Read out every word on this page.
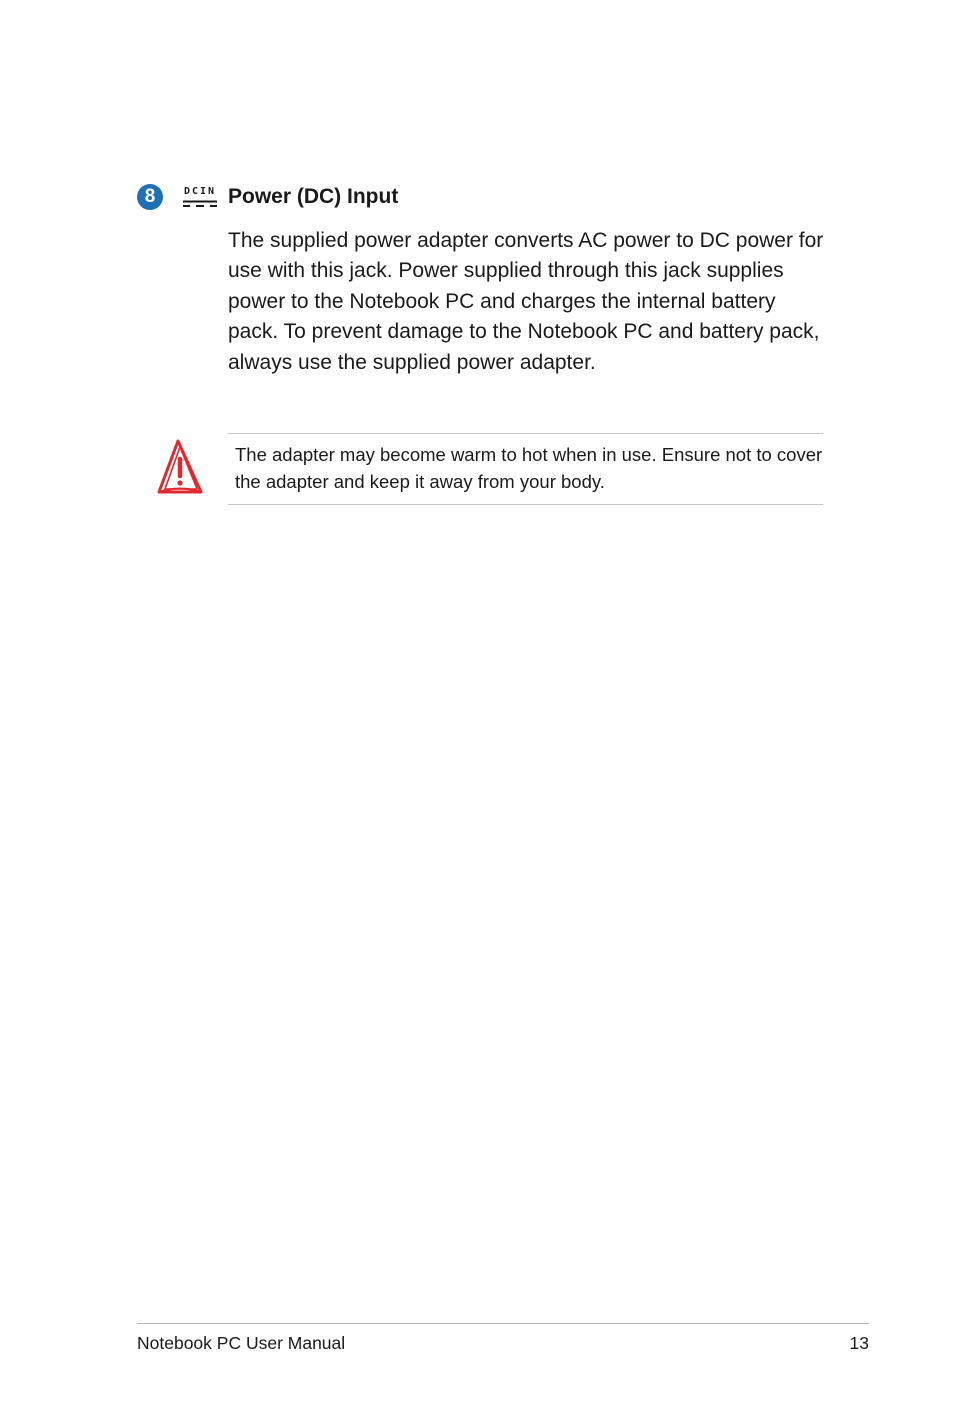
8	DCIN Power (DC) Input

The supplied power adapter converts AC power to DC power for use with this jack. Power supplied through this jack supplies power to the Notebook PC and charges the internal battery pack. To prevent damage to the Notebook PC and battery pack, always use the supplied power adapter.

The adapter may become warm to hot when in use. Ensure not to cover the adapter and keep it away from your body.

Notebook PC User Manual	13
